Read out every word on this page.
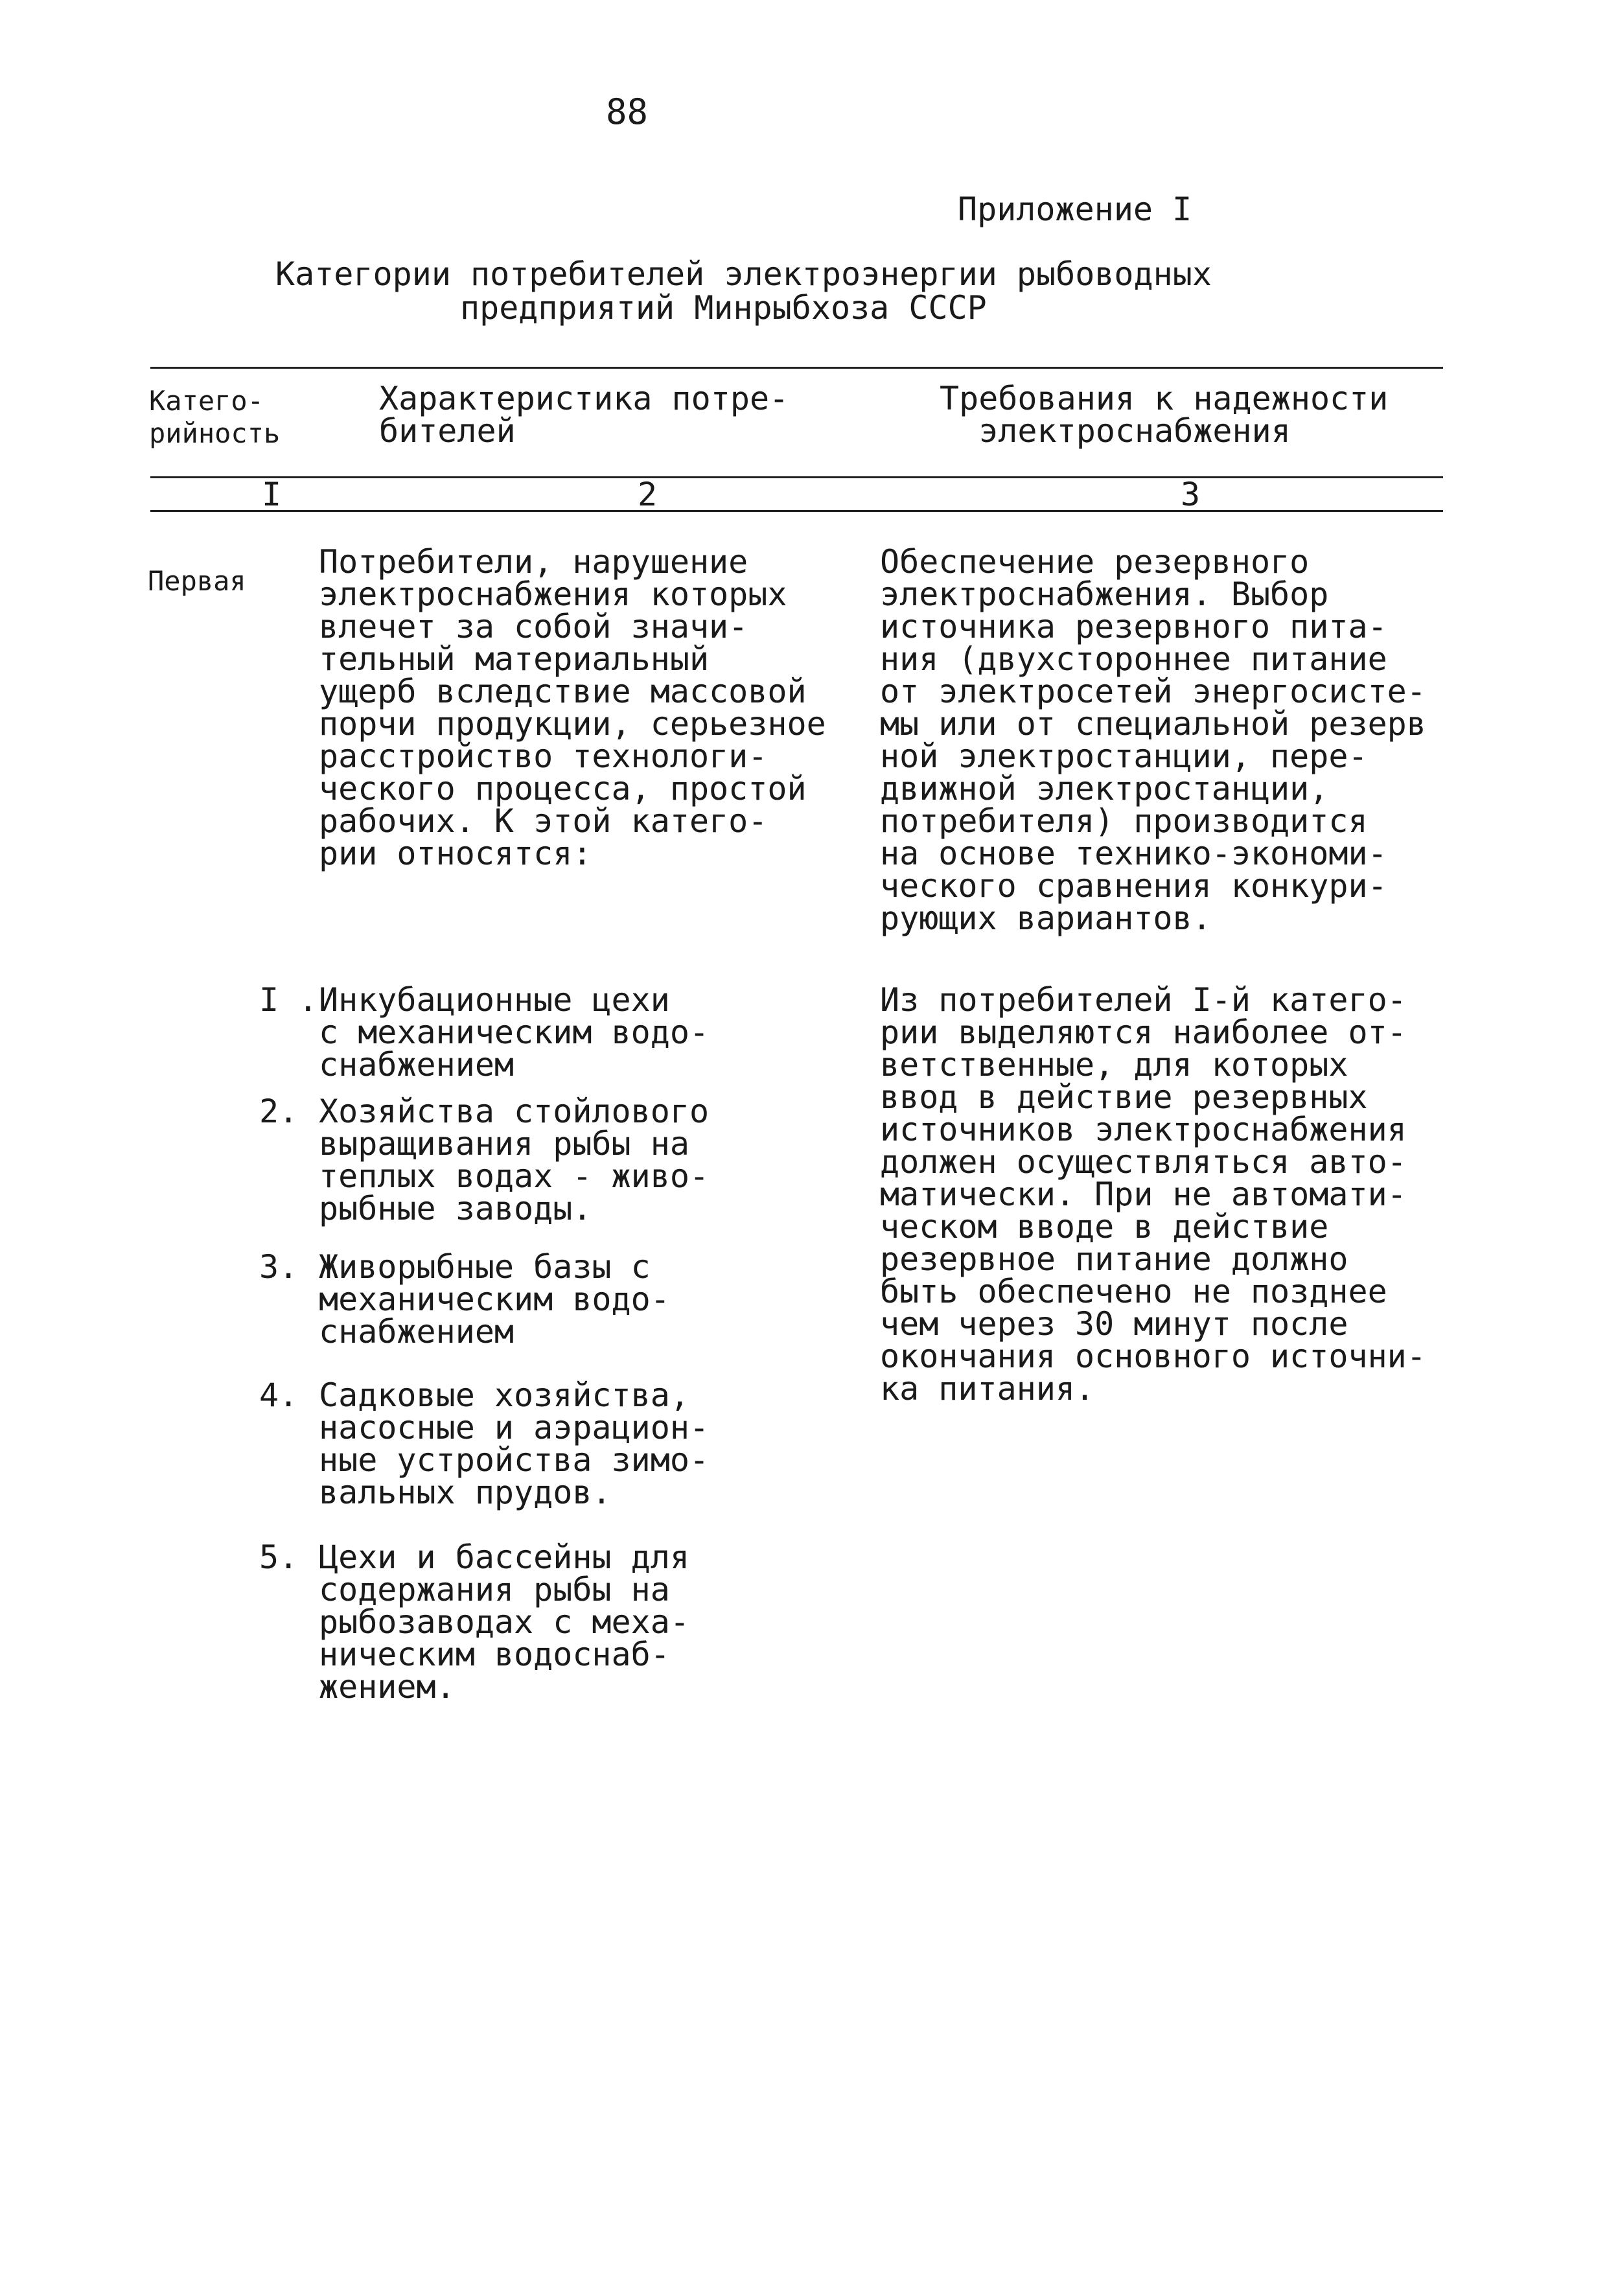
88
Приложение I
Категории потребителей электроэнергии рыбоводных
предприятий Минрыбхоза СССР
Катего-
рийность
Характеристика потре-
бителей
Требования к надежности
электроснабжения
I	2	3
Первая
Потребители, нарушение
электроснабжения которых
влечет за собой значи-
тельный материальный
ущерб вследствие массовой
порчи продукции, серьезное
расстройство технологи-
ческого процесса, простой
рабочих. К этой катего-
рии относятся:
Обеспечение резервного
электроснабжения. Выбор
источника резервного пита-
ния (двухстороннее питание
от электросетей энергосисте-
мы или от специальной резерв
ной электростанции, пере-
движной электростанции,
потребителя) производится
на основе технико-экономи-
ческого сравнения конкури-
рующих вариантов.
I . Инкубационные цехи
с механическим водо-
снабжением
2. Хозяйства стойлового
выращивания рыбы на
теплых водах - живо-
рыбные заводы.
3. Живорыбные базы с
механическим водо-
снабжением
4. Садковые хозяйства,
насосные и аэрацион-
ные устройства зимо-
вальных прудов.
5. Цехи и бассейны для
содержания рыбы на
рыбозаводах с меха-
ническим водоснаб-
жением.
Из потребителей I-й катего-
рии выделяются наиболее от-
ветственные, для которых
ввод в действие резервных
источников электроснабжения
должен осуществляться авто-
матически. При не автомати-
ческом вводе в действие
резервное питание должно
быть обеспечено не позднее
чем через 30 минут после
окончания основного источни-
ка питания.
